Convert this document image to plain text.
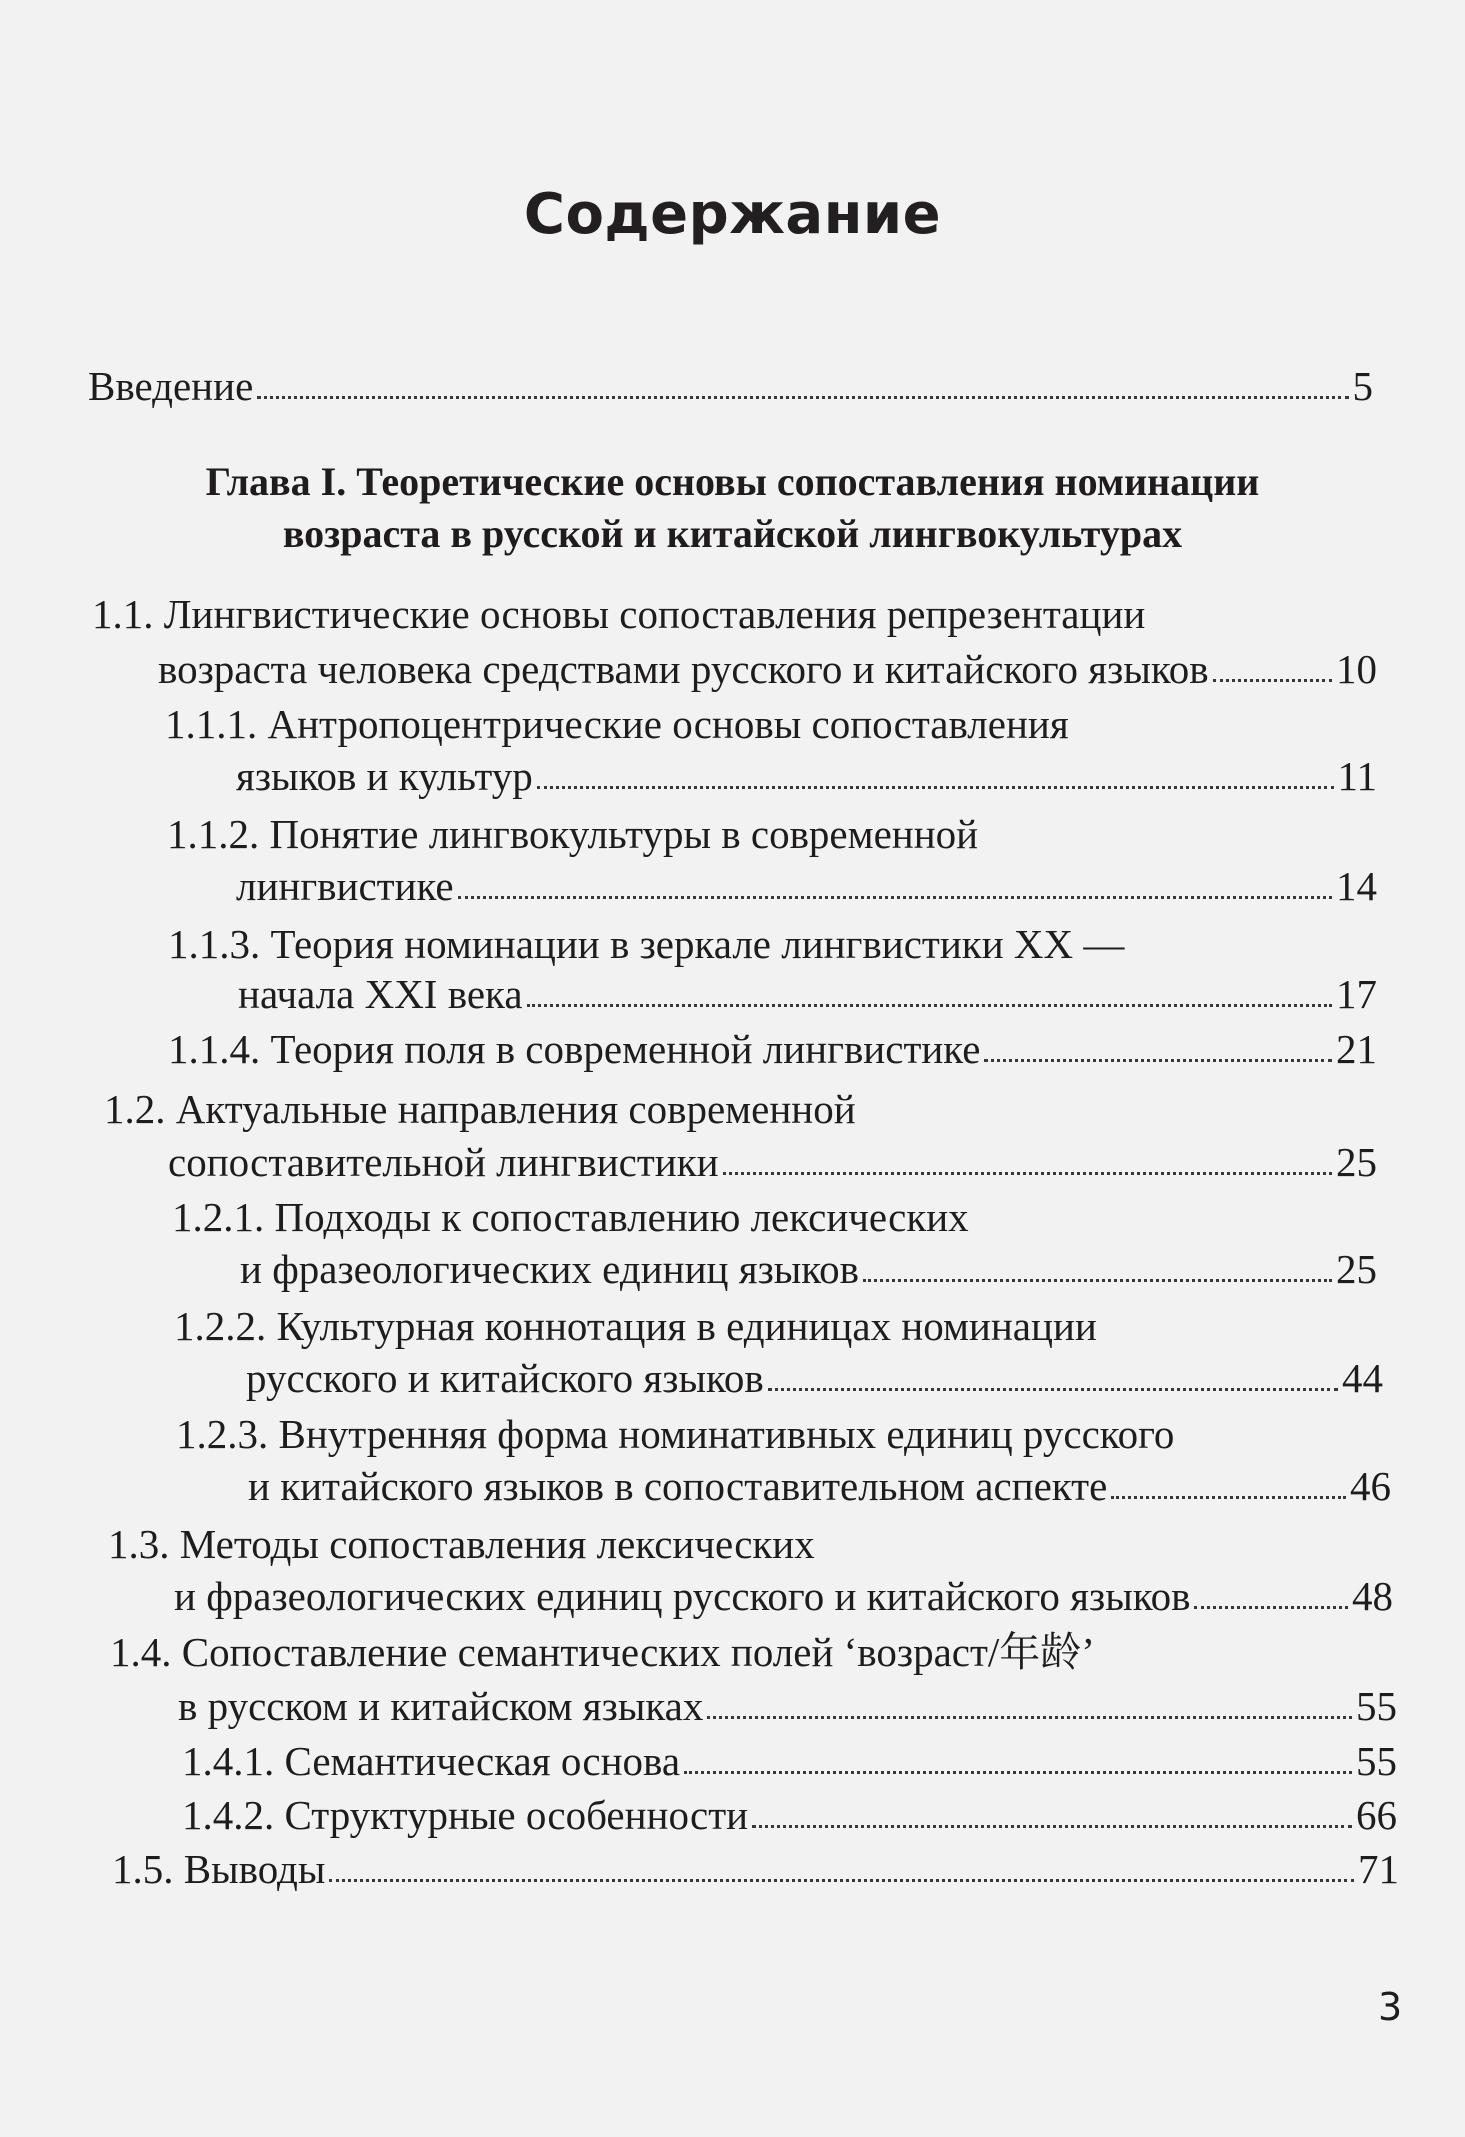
Содержание
Введение	5
Глава I. Теоретические основы сопоставления номинации
возраста в русской и китайской лингвокультурах
1.1. Лингвистические основы сопоставления репрезентации
возраста человека средствами русского и китайского языков	10
1.1.1. Антропоцентрические основы сопоставления
языков и культур	11
1.1.2. Понятие лингвокультуры в современной
лингвистике	14
1.1.3. Теория номинации в зеркале лингвистики XX —
начала XXI века	17
1.1.4. Теория поля в современной лингвистике	21
1.2. Актуальные направления современной
сопоставительной лингвистики	25
1.2.1. Подходы к сопоставлению лексических
и фразеологических единиц языков	25
1.2.2. Культурная коннотация в единицах номинации
русского и китайского языков	44
1.2.3. Внутренняя форма номинативных единиц русского
и китайского языков в сопоставительном аспекте	46
1.3. Методы сопоставления лексических
и фразеологических единиц русского и китайского языков	48
1.4. Сопоставление семантических полей ‘возраст/年龄’
в русском и китайском языках	55
1.4.1. Семантическая основа	55
1.4.2. Структурные особенности	66
1.5. Выводы	71
3
